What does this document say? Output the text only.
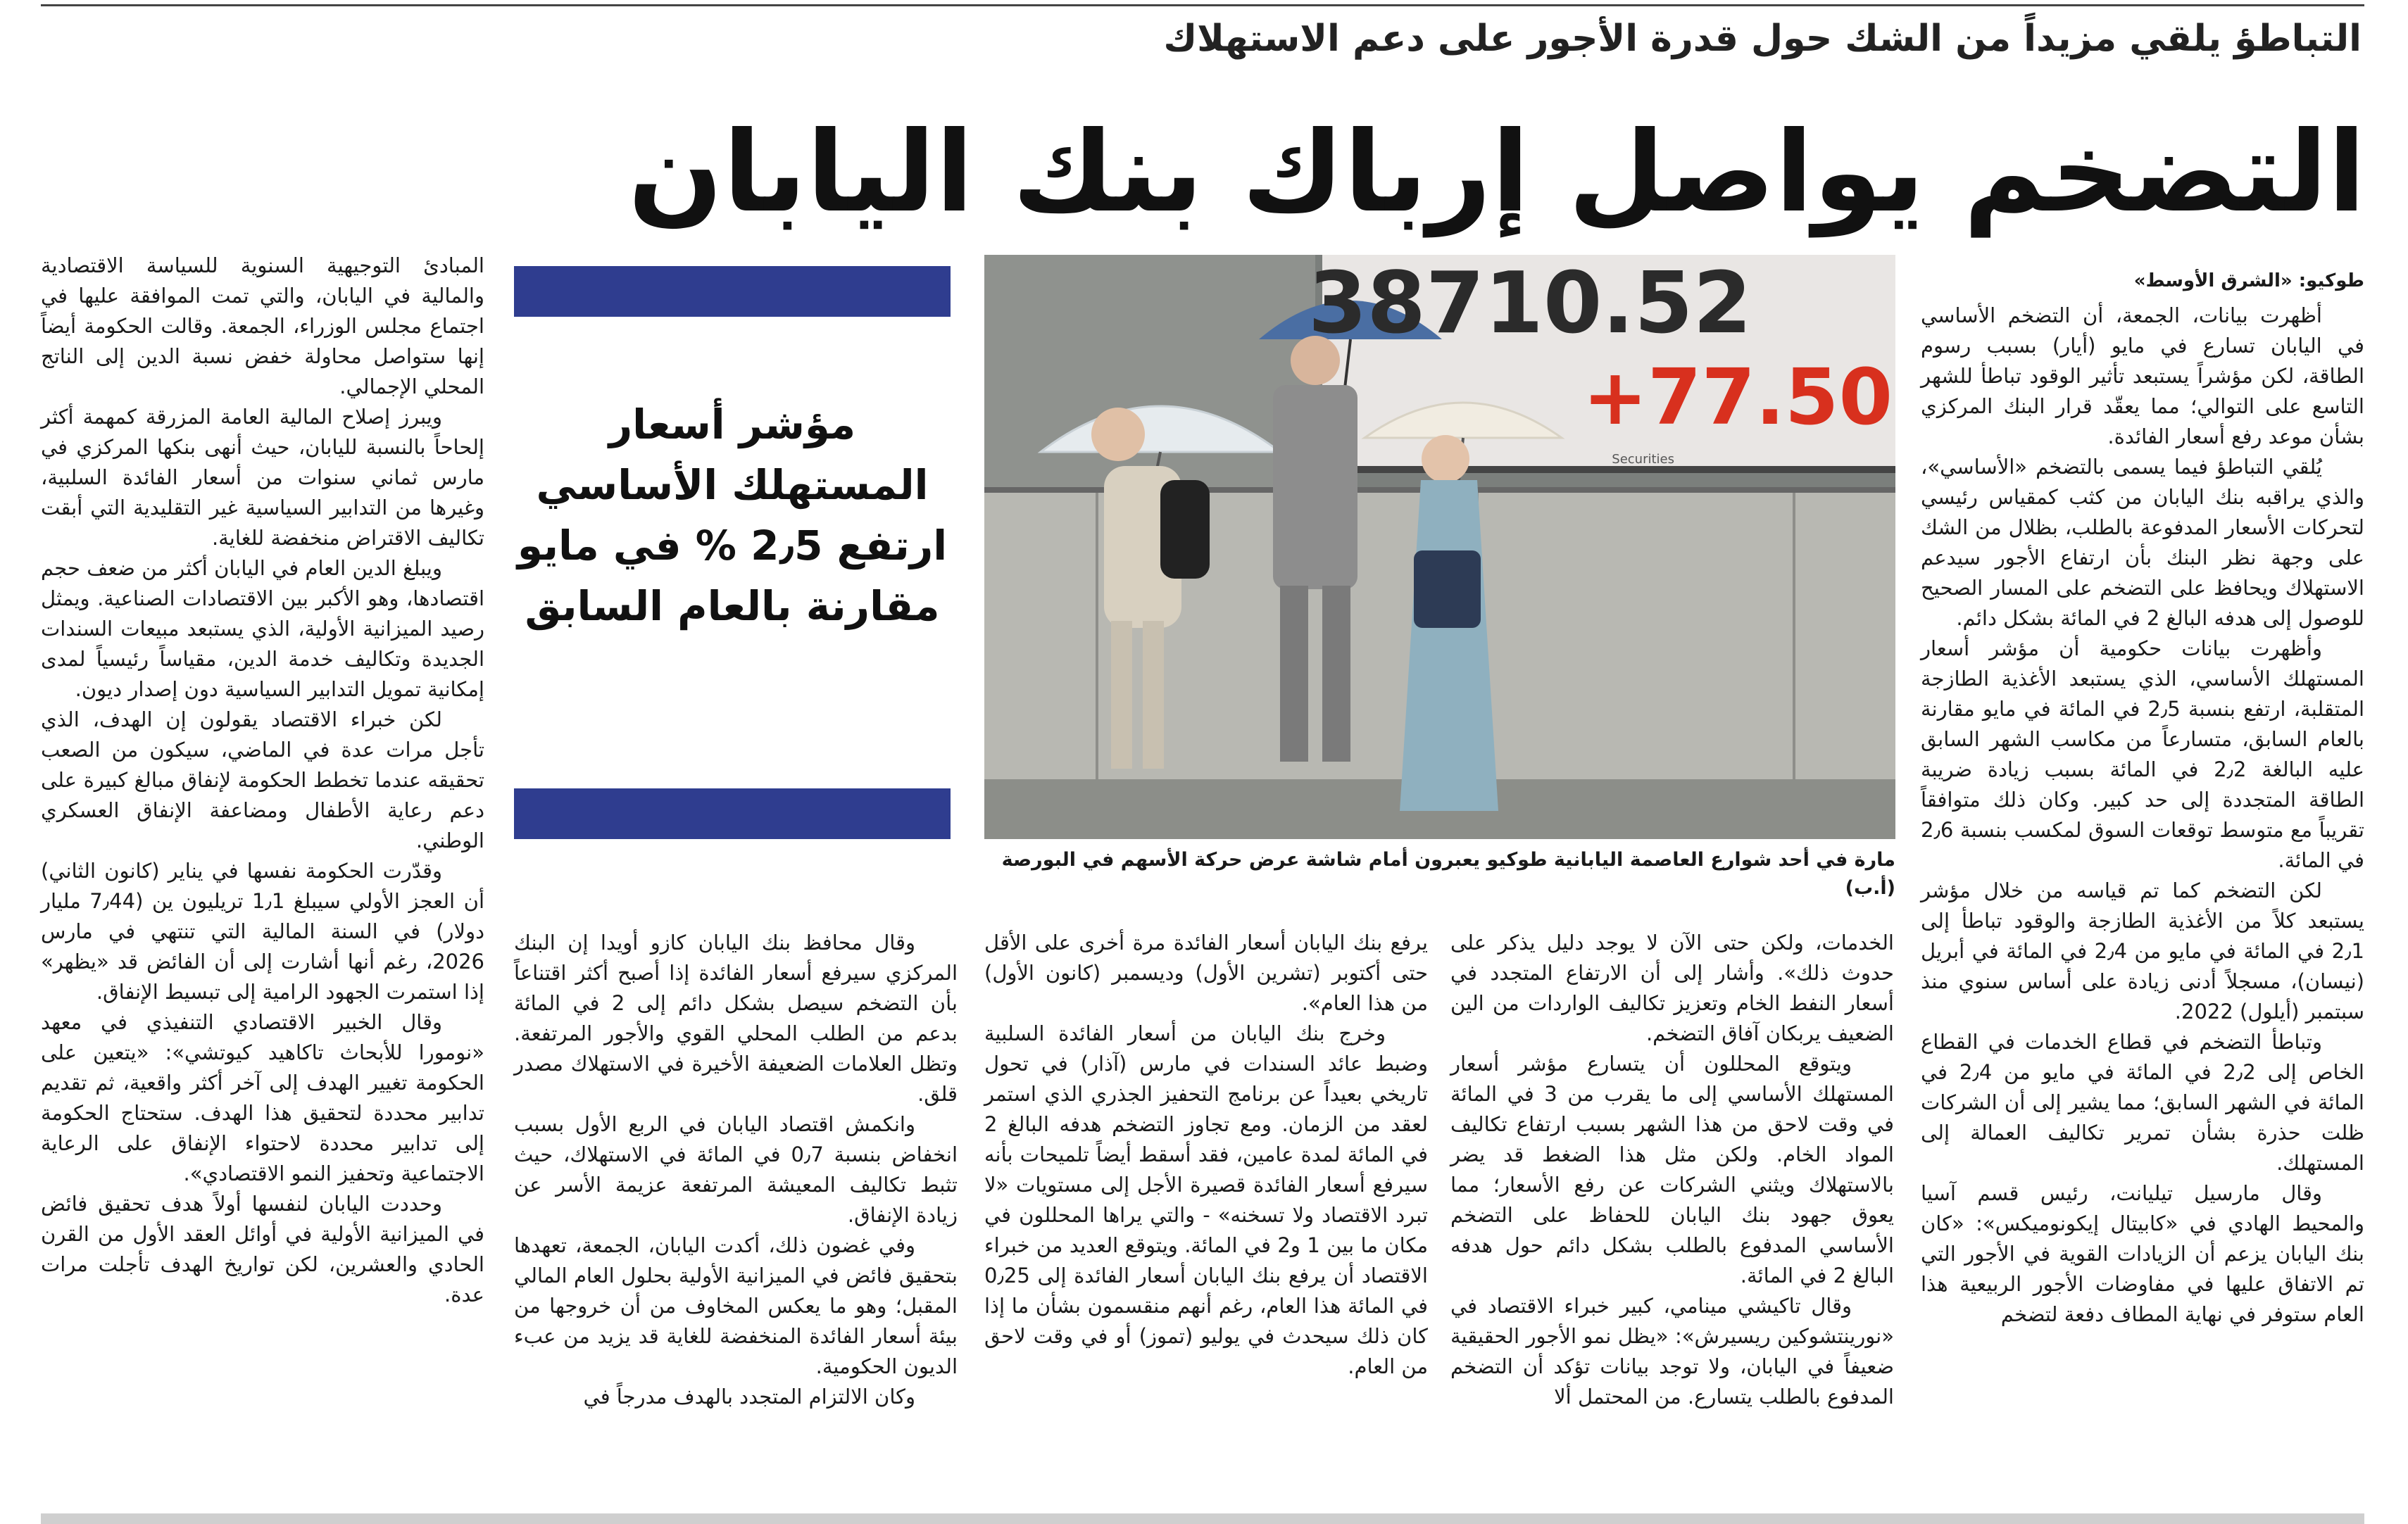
التباطؤ يلقي مزيداً من الشك حول قدرة الأجور على دعم الاستهلاك
التضخم يواصل إرباك بنك اليابان

طوكيو: «الشرق الأوسط»

أظهرت بيانات، الجمعة، أن التضخم الأساسي في اليابان تسارع في مايو (أيار) بسبب رسوم الطاقة، لكن مؤشراً يستبعد تأثير الوقود تباطأ للشهر التاسع على التوالي؛ مما يعقّد قرار البنك المركزي بشأن موعد رفع أسعار الفائدة.

يُلقي التباطؤ فيما يسمى بالتضخم «الأساسي»، والذي يراقبه بنك اليابان من كثب كمقياس رئيسي لتحركات الأسعار المدفوعة بالطلب، بظلال من الشك على وجهة نظر البنك بأن ارتفاع الأجور سيدعم الاستهلاك ويحافظ على التضخم على المسار الصحيح للوصول إلى هدفه البالغ 2 في المائة بشكل دائم.

وأظهرت بيانات حكومية أن مؤشر أسعار المستهلك الأساسي، الذي يستبعد الأغذية الطازجة المتقلبة، ارتفع بنسبة 2٫5 في المائة في مايو مقارنة بالعام السابق، متسارعاً من مكاسب الشهر السابق عليه البالغة 2٫2 في المائة بسبب زيادة ضريبة الطاقة المتجددة إلى حد كبير. وكان ذلك متوافقاً تقريباً مع متوسط توقعات السوق لمكسب بنسبة 2٫6 في المائة.

لكن التضخم كما تم قياسه من خلال مؤشر يستبعد كلاً من الأغذية الطازجة والوقود تباطأ إلى 2٫1 في المائة في مايو من 2٫4 في المائة في أبريل (نيسان)، مسجلاً أدنى زيادة على أساس سنوي منذ سبتمبر (أيلول) 2022.

وتباطأ التضخم في قطاع الخدمات في القطاع الخاص إلى 2٫2 في المائة في مايو من 2٫4 في المائة في الشهر السابق؛ مما يشير إلى أن الشركات ظلت حذرة بشأن تمرير تكاليف العمالة إلى المستهلك.

وقال مارسيل تيليانت، رئيس قسم آسيا والمحيط الهادي في «كابيتال إيكونوميكس»: «كان بنك اليابان يزعم أن الزيادات القوية في الأجور التي تم الاتفاق عليها في مفاوضات الأجور الربيعية هذا العام ستوفر في نهاية المطاف دفعة لتضخم

38710.52
+77.50
Securities
مارة في أحد شوارع العاصمة اليابانية طوكيو يعبرون أمام شاشة عرض حركة الأسهم في البورصة (أ.ب)
مؤشر أسعار المستهلك الأساسي ارتفع 2٫5 % في مايو مقارنة بالعام السابق

الخدمات، ولكن حتى الآن لا يوجد دليل يذكر على حدوث ذلك». وأشار إلى أن الارتفاع المتجدد في أسعار النفط الخام وتعزيز تكاليف الواردات من الين الضعيف يربكان آفاق التضخم.

ويتوقع المحللون أن يتسارع مؤشر أسعار المستهلك الأساسي إلى ما يقرب من 3 في المائة في وقت لاحق من هذا الشهر بسبب ارتفاع تكاليف المواد الخام. ولكن مثل هذا الضغط قد يضر بالاستهلاك ويثني الشركات عن رفع الأسعار؛ مما يعوق جهود بنك اليابان للحفاظ على التضخم الأساسي المدفوع بالطلب بشكل دائم حول هدفه البالغ 2 في المائة.

وقال تاكيشي مينامي، كبير خبراء الاقتصاد في «نورينتشوكين ريسيرش»: «يظل نمو الأجور الحقيقية ضعيفاً في اليابان، ولا توجد بيانات تؤكد أن التضخم المدفوع بالطلب يتسارع. من المحتمل ألا

يرفع بنك اليابان أسعار الفائدة مرة أخرى على الأقل حتى أكتوبر (تشرين الأول) وديسمبر (كانون الأول) من هذا العام».

وخرج بنك اليابان من أسعار الفائدة السلبية وضبط عائد السندات في مارس (آذار) في تحول تاريخي بعيداً عن برنامج التحفيز الجذري الذي استمر لعقد من الزمان. ومع تجاوز التضخم هدفه البالغ 2 في المائة لمدة عامين، فقد أسقط أيضاً تلميحات بأنه سيرفع أسعار الفائدة قصيرة الأجل إلى مستويات «لا تبرد الاقتصاد ولا تسخنه» - والتي يراها المحللون في مكان ما بين 1 و2 في المائة. ويتوقع العديد من خبراء الاقتصاد أن يرفع بنك اليابان أسعار الفائدة إلى 0٫25 في المائة هذا العام، رغم أنهم منقسمون بشأن ما إذا كان ذلك سيحدث في يوليو (تموز) أو في وقت لاحق من العام.

وقال محافظ بنك اليابان كازو أويدا إن البنك المركزي سيرفع أسعار الفائدة إذا أصبح أكثر اقتناعاً بأن التضخم سيصل بشكل دائم إلى 2 في المائة بدعم من الطلب المحلي القوي والأجور المرتفعة. وتظل العلامات الضعيفة الأخيرة في الاستهلاك مصدر قلق.

وانكمش اقتصاد اليابان في الربع الأول بسبب انخفاض بنسبة 0٫7 في المائة في الاستهلاك، حيث تثبط تكاليف المعيشة المرتفعة عزيمة الأسر عن زيادة الإنفاق.

وفي غضون ذلك، أكدت اليابان، الجمعة، تعهدها بتحقيق فائض في الميزانية الأولية بحلول العام المالي المقبل؛ وهو ما يعكس المخاوف من أن خروجها من بيئة أسعار الفائدة المنخفضة للغاية قد يزيد من عبء الديون الحكومية.

وكان الالتزام المتجدد بالهدف مدرجاً في

المبادئ التوجيهية السنوية للسياسة الاقتصادية والمالية في اليابان، والتي تمت الموافقة عليها في اجتماع مجلس الوزراء، الجمعة. وقالت الحكومة أيضاً إنها ستواصل محاولة خفض نسبة الدين إلى الناتج المحلي الإجمالي.

ويبرز إصلاح المالية العامة المزرقة كمهمة أكثر إلحاحاً بالنسبة لليابان، حيث أنهى بنكها المركزي في مارس ثماني سنوات من أسعار الفائدة السلبية، وغيرها من التدابير السياسية غير التقليدية التي أبقت تكاليف الاقتراض منخفضة للغاية.

ويبلغ الدين العام في اليابان أكثر من ضعف حجم اقتصادها، وهو الأكبر بين الاقتصادات الصناعية. ويمثل رصيد الميزانية الأولية، الذي يستبعد مبيعات السندات الجديدة وتكاليف خدمة الدين، مقياساً رئيسياً لمدى إمكانية تمويل التدابير السياسية دون إصدار ديون.

لكن خبراء الاقتصاد يقولون إن الهدف، الذي تأجل مرات عدة في الماضي، سيكون من الصعب تحقيقه عندما تخطط الحكومة لإنفاق مبالغ كبيرة على دعم رعاية الأطفال ومضاعفة الإنفاق العسكري الوطني.

وقدّرت الحكومة نفسها في يناير (كانون الثاني) أن العجز الأولي سيبلغ 1٫1 تريليون ين (7٫44 مليار دولار) في السنة المالية التي تنتهي في مارس 2026، رغم أنها أشارت إلى أن الفائض قد «يظهر» إذا استمرت الجهود الرامية إلى تبسيط الإنفاق.

وقال الخبير الاقتصادي التنفيذي في معهد «نومورا للأبحاث تاكاهيد كيوتشي»: «يتعين على الحكومة تغيير الهدف إلى آخر أكثر واقعية، ثم تقديم تدابير محددة لتحقيق هذا الهدف. ستحتاج الحكومة إلى تدابير محددة لاحتواء الإنفاق على الرعاية الاجتماعية وتحفيز النمو الاقتصادي».

وحددت اليابان لنفسها أولاً هدف تحقيق فائض في الميزانية الأولية في أوائل العقد الأول من القرن الحادي والعشرين، لكن تواريخ الهدف تأجلت مرات عدة.
